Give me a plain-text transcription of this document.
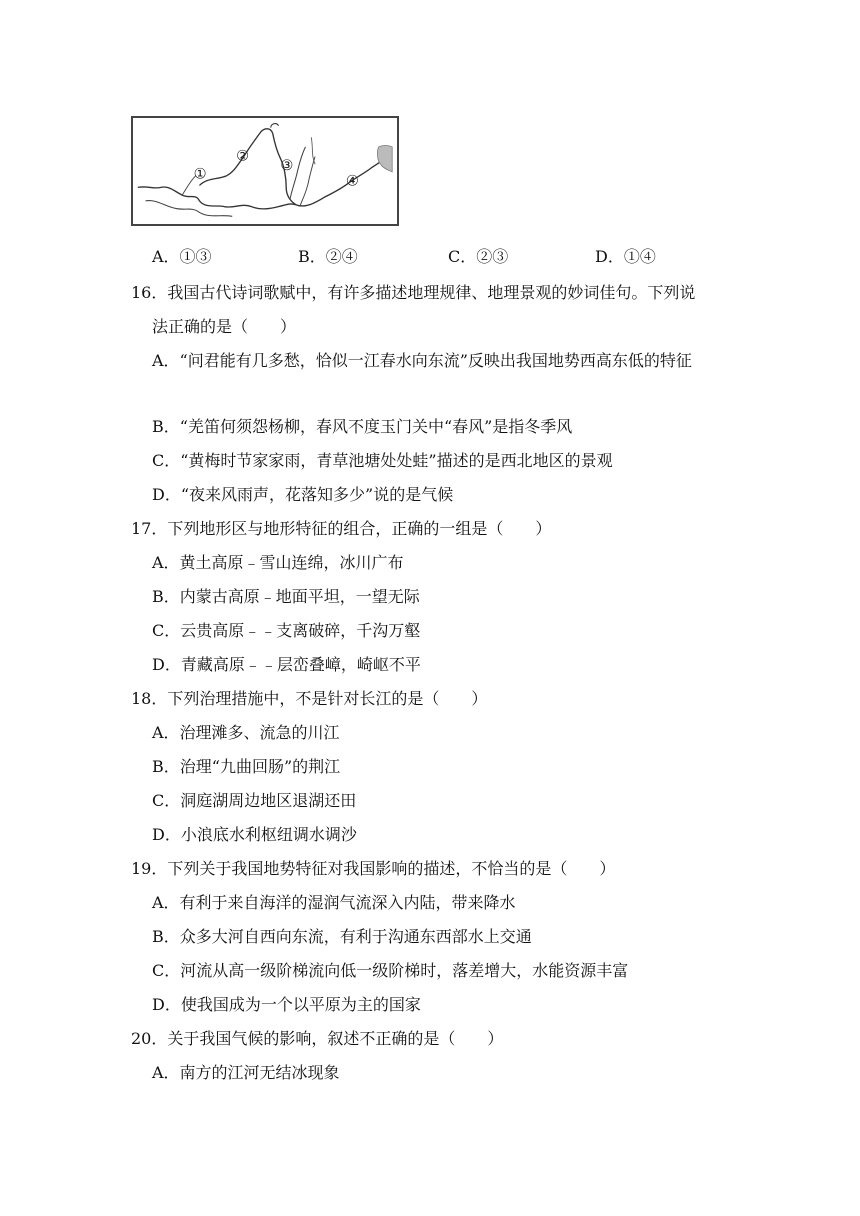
①
②
③
④
A．①③	B．②④	C．②③	D．①④
16．我国古代诗词歌赋中，有许多描述地理规律、地理景观的妙词佳句。下列说
法正确的是（　　）
A．“问君能有几多愁，恰似一江春水向东流”反映出我国地势西高东低的特征
B．“羌笛何须怨杨柳，春风不度玉门关中“春风”是指冬季风
C．“黄梅时节家家雨，青草池塘处处蛙”描述的是西北地区的景观
D．“夜来风雨声，花落知多少”说的是气候
17．下列地形区与地形特征的组合，正确的一组是（　　）
A．黄土高原﹣雪山连绵，冰川广布
B．内蒙古高原﹣地面平坦，一望无际
C．云贵高原﹣﹣支离破碎，千沟万壑
D．青藏高原﹣﹣层峦叠嶂，崎岖不平
18．下列治理措施中，不是针对长江的是（　　）
A．治理滩多、流急的川江
B．治理“九曲回肠”的荆江
C．洞庭湖周边地区退湖还田
D．小浪底水利枢纽调水调沙
19．下列关于我国地势特征对我国影响的描述，不恰当的是（　　）
A．有利于来自海洋的湿润气流深入内陆，带来降水
B．众多大河自西向东流，有利于沟通东西部水上交通
C．河流从高一级阶梯流向低一级阶梯时，落差增大，水能资源丰富
D．使我国成为一个以平原为主的国家
20．关于我国气候的影响，叙述不正确的是（　　）
A．南方的江河无结冰现象
